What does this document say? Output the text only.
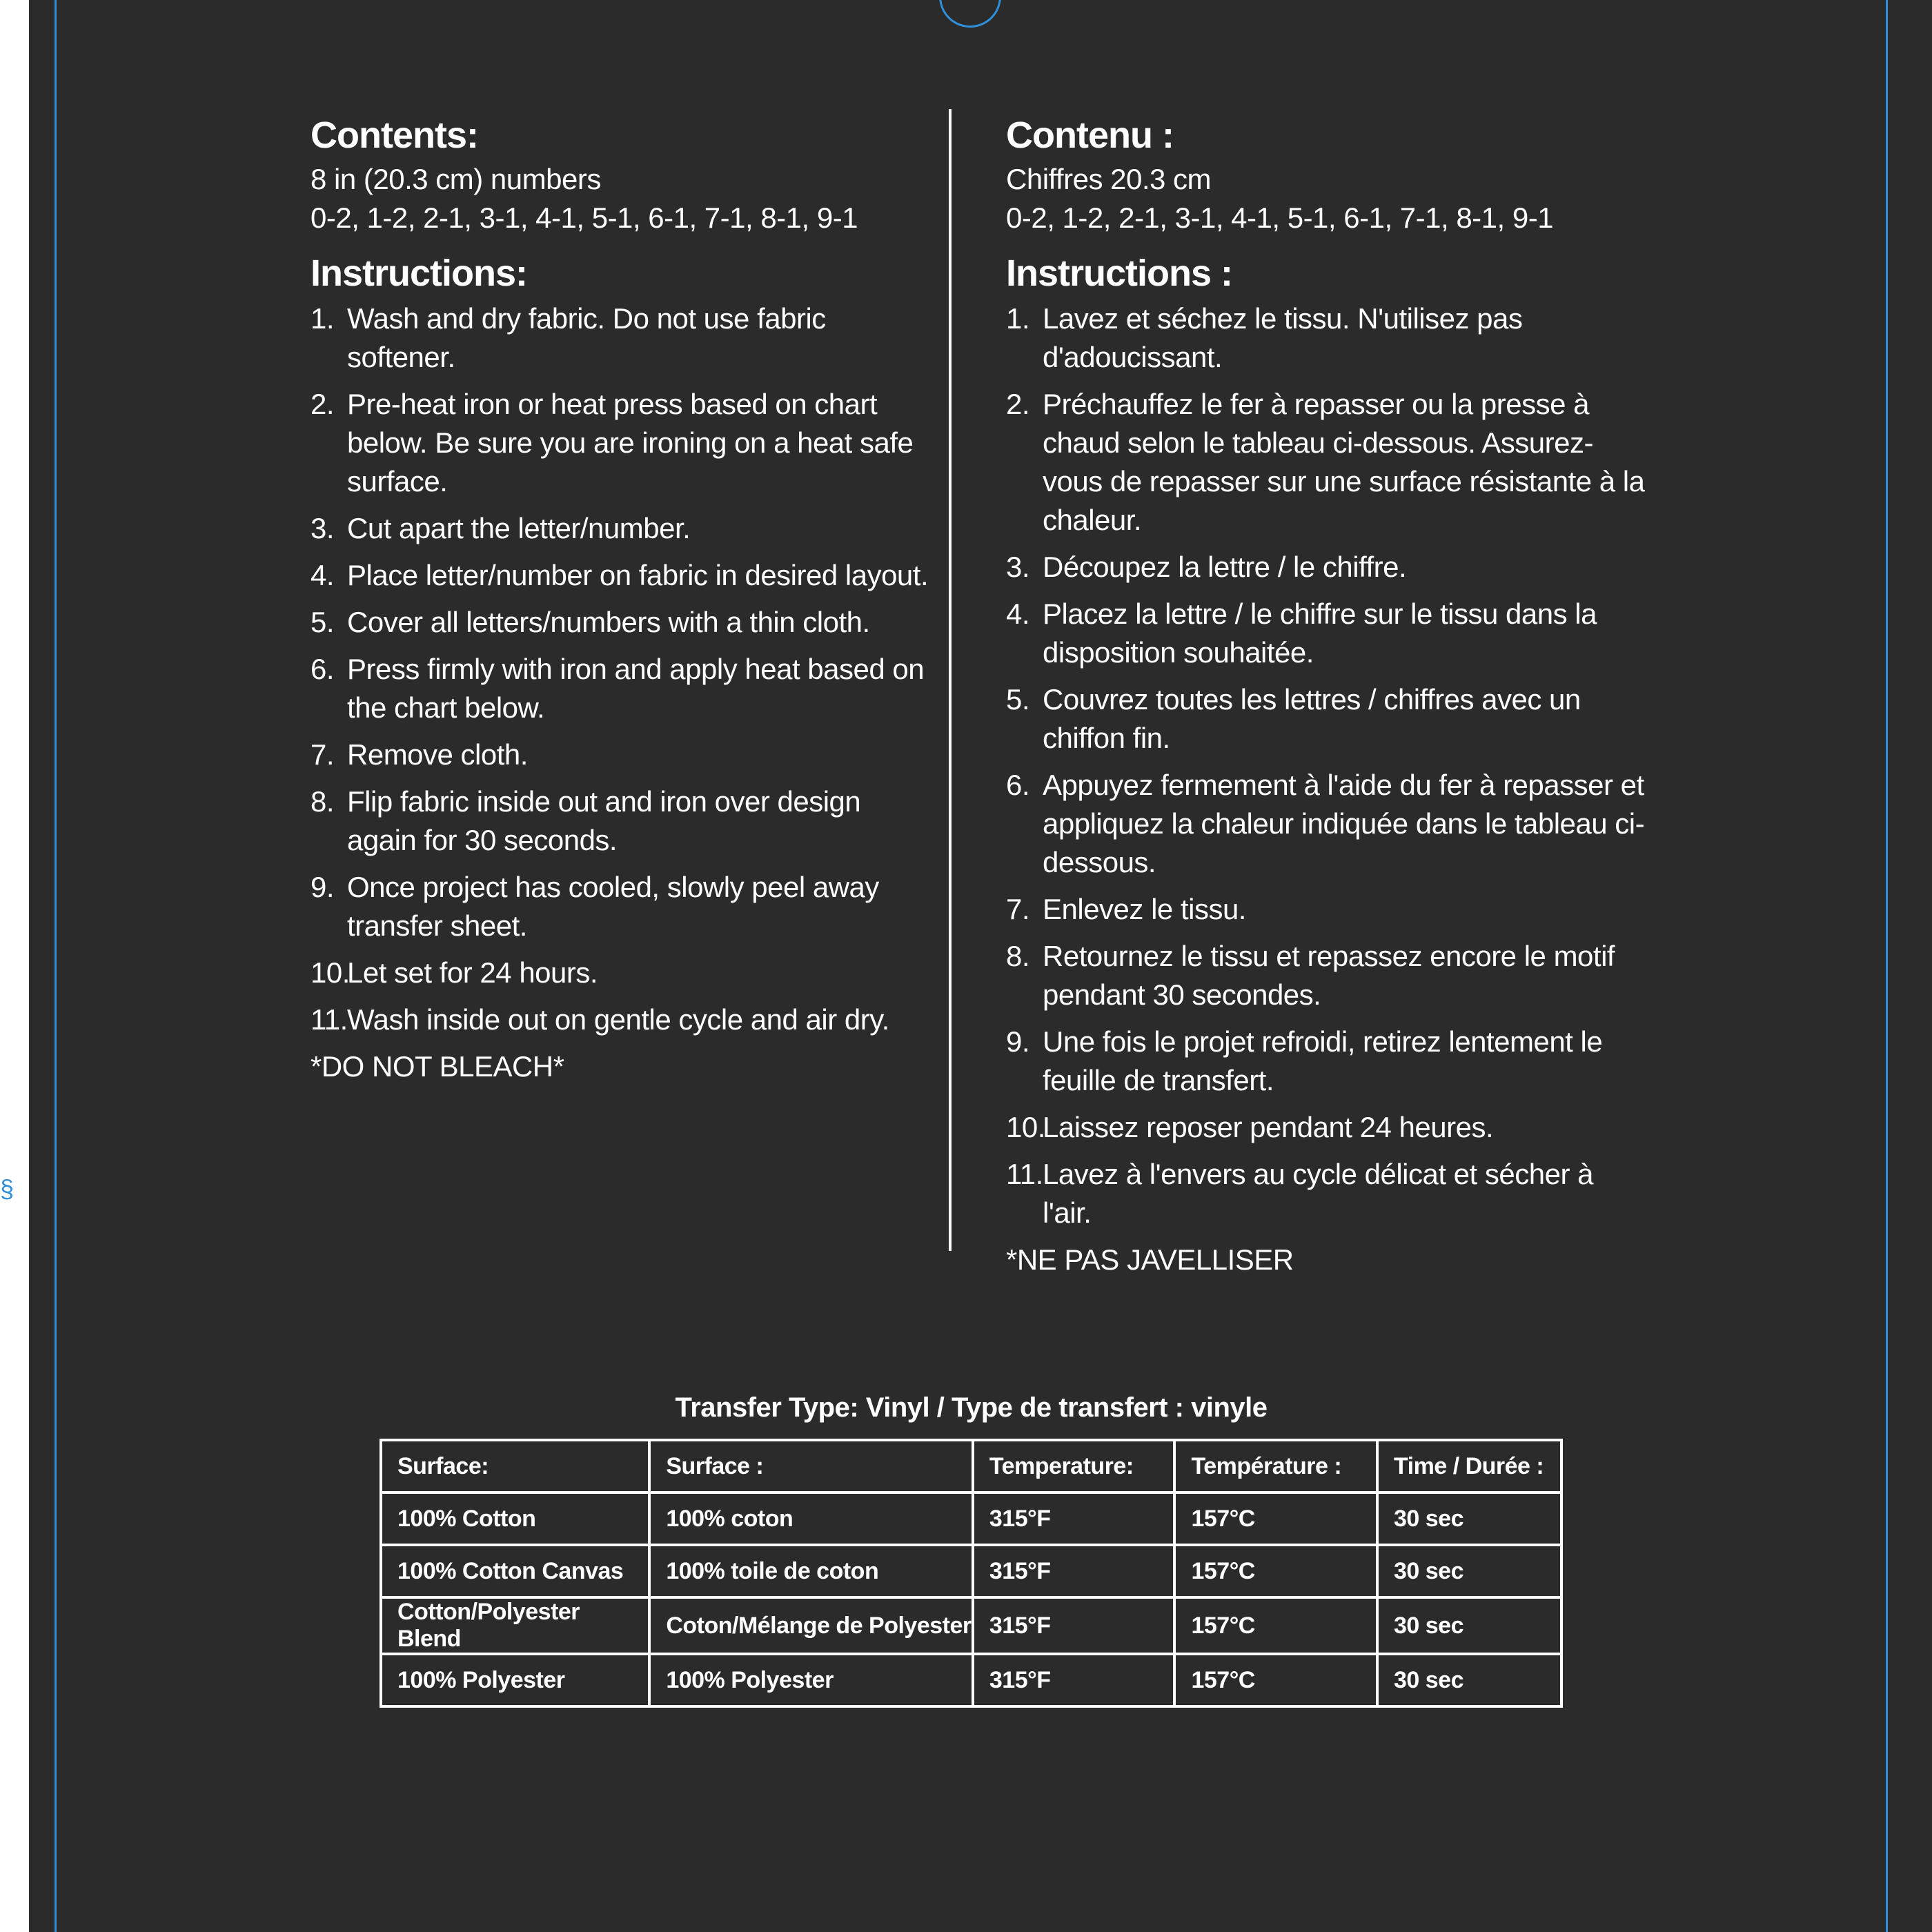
§

Contents:

8 in (20.3 cm) numbers

0-2, 1-2, 2-1, 3-1, 4-1, 5-1, 6-1, 7-1, 8-1, 9-1

Instructions:

1. Wash and dry fabric. Do not use fabric softener.
2. Pre-heat iron or heat press based on chart below. Be sure you are ironing on a heat safe surface.
3. Cut apart the letter/number.
4. Place letter/number on fabric in desired layout.
5. Cover all letters/numbers with a thin cloth.
6. Press firmly with iron and apply heat based on the chart below.
7. Remove cloth.
8. Flip fabric inside out and iron over design again for 30 seconds.
9. Once project has cooled, slowly peel away transfer sheet.
10.
Let set for 24 hours.
11. Wash inside out on gentle cycle and air dry.

*DO NOT BLEACH*

Contenu :

Chiffres 20.3 cm

0-2, 1-2, 2-1, 3-1, 4-1, 5-1, 6-1, 7-1, 8-1, 9-1

Instructions :

1. Lavez et séchez le tissu. N'utilisez pas d'adoucissant.
2. Préchauffez le fer à repasser ou la presse à chaud selon le tableau ci-dessous. Assurez-vous de repasser sur une surface résistante à la chaleur.
3. Découpez la lettre / le chiffre.
4. Placez la lettre / le chiffre sur le tissu dans la disposition souhaitée.
5. Couvrez toutes les lettres / chiffres avec un chiffon fin.
6. Appuyez fermement à l'aide du fer à repasser et appliquez la chaleur indiquée dans le tableau ci-dessous.
7. Enlevez le tissu.
8. Retournez le tissu et repassez encore le motif pendant 30 secondes.
9. Une fois le projet refroidi, retirez lentement le feuille de transfert.
10.
Laissez reposer pendant 24 heures.
11. Lavez à l'envers au cycle délicat et sécher à l'air.

*NE PAS JAVELLISER

Transfer Type: Vinyl / Type de transfert : vinyle
Surface:	Surface :	Temperature:	Température :	Time / Durée :
100% Cotton	100% coton	315°F	157°C	30 sec
100% Cotton Canvas	100% toile de coton	315°F	157°C	30 sec
Cotton/Polyester Blend	Coton/Mélange de Polyester	315°F	157°C	30 sec
100% Polyester	100% Polyester	315°F	157°C	30 sec
